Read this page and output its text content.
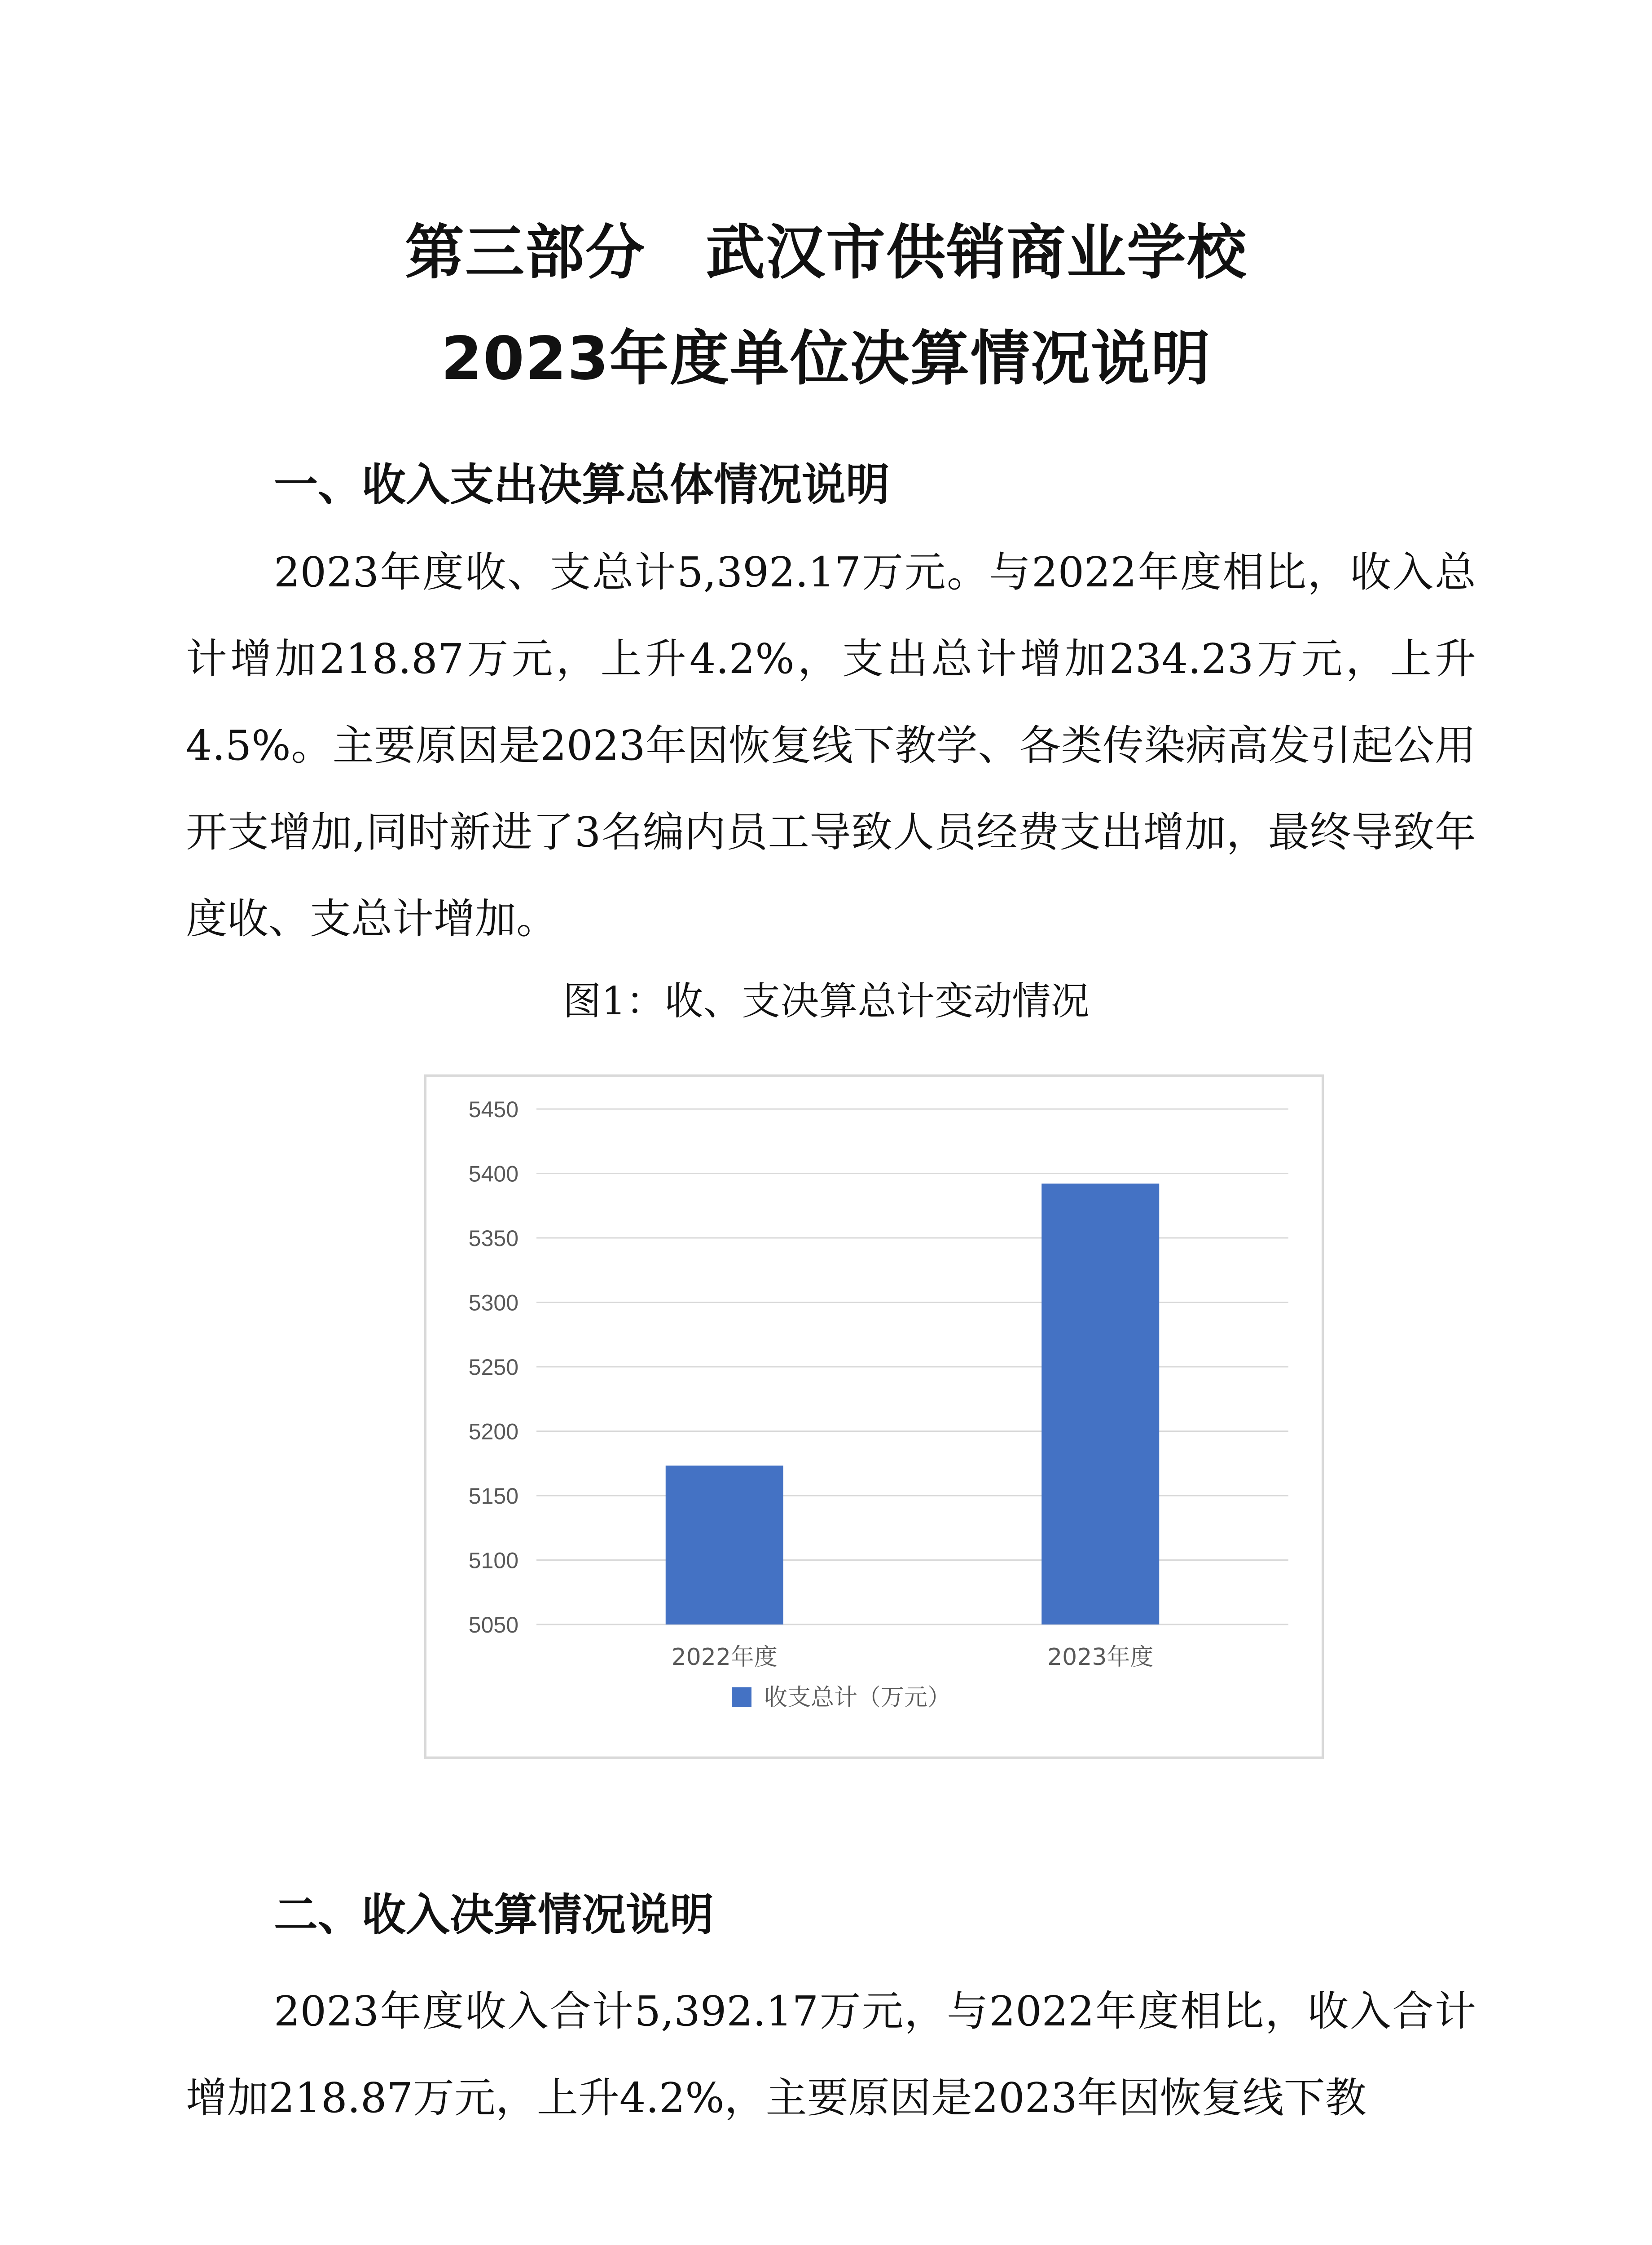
第三部分　武汉市供销商业学校
2023年度单位决算情况说明
一、收入支出决算总体情况说明
2023年度收、支总计5,392.17万元。与2022年度相比，收入总计增加218.87万元，上升4.2%，支出总计增加234.23万元，上升4.5%。主要原因是2023年因恢复线下教学、各类传染病高发引起公用开支增加,同时新进了3名编内员工导致人员经费支出增加，最终导致年度收、支总计增加。
图1：收、支决算总计变动情况
5050
5100
5150
5200
5250
5300
5350
5400
5450
2022年度	2023年度
收支总计（万元）
二、收入决算情况说明
2023年度收入合计5,392.17万元，与2022年度相比，收入合计增加218.87万元，上升4.2%，主要原因是2023年因恢复线下教
